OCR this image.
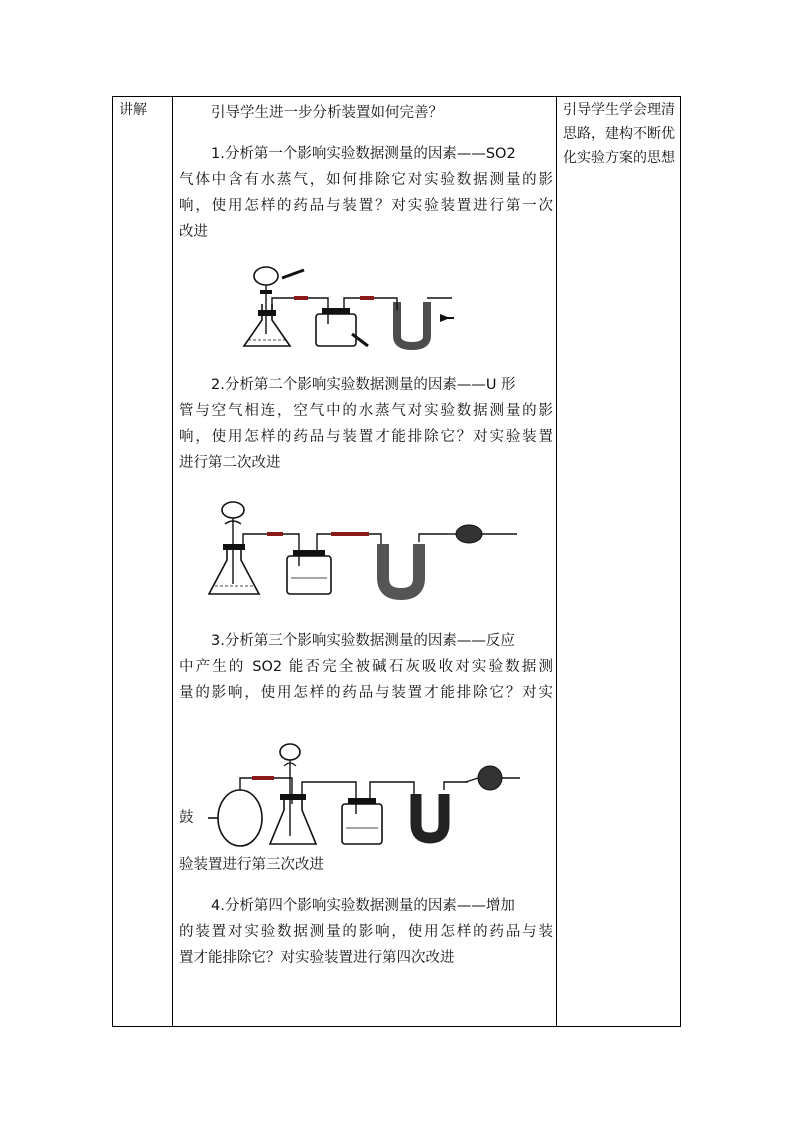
讲解	引导学生学会理清思路，建构不断优化实验方案的思想
引导学生进一步分析装置如何完善？
1.分析第一个影响实验数据测量的因素——SO2
气体中含有水蒸气，如何排除它对实验数据测量的影
响，使用怎样的药品与装置？对实验装置进行第一次
改进
2.分析第二个影响实验数据测量的因素——U 形
管与空气相连，空气中的水蒸气对实验数据测量的影
响，使用怎样的药品与装置才能排除它？对实验装置
进行第二次改进
3.分析第三个影响实验数据测量的因素——反应
中产生的 SO2 能否完全被碱石灰吸收对实验数据测
量的影响，使用怎样的药品与装置才能排除它？对实
鼓
验装置进行第三次改进
4.分析第四个影响实验数据测量的因素——增加
的装置对实验数据测量的影响，使用怎样的药品与装
置才能排除它？对实验装置进行第四次改进
